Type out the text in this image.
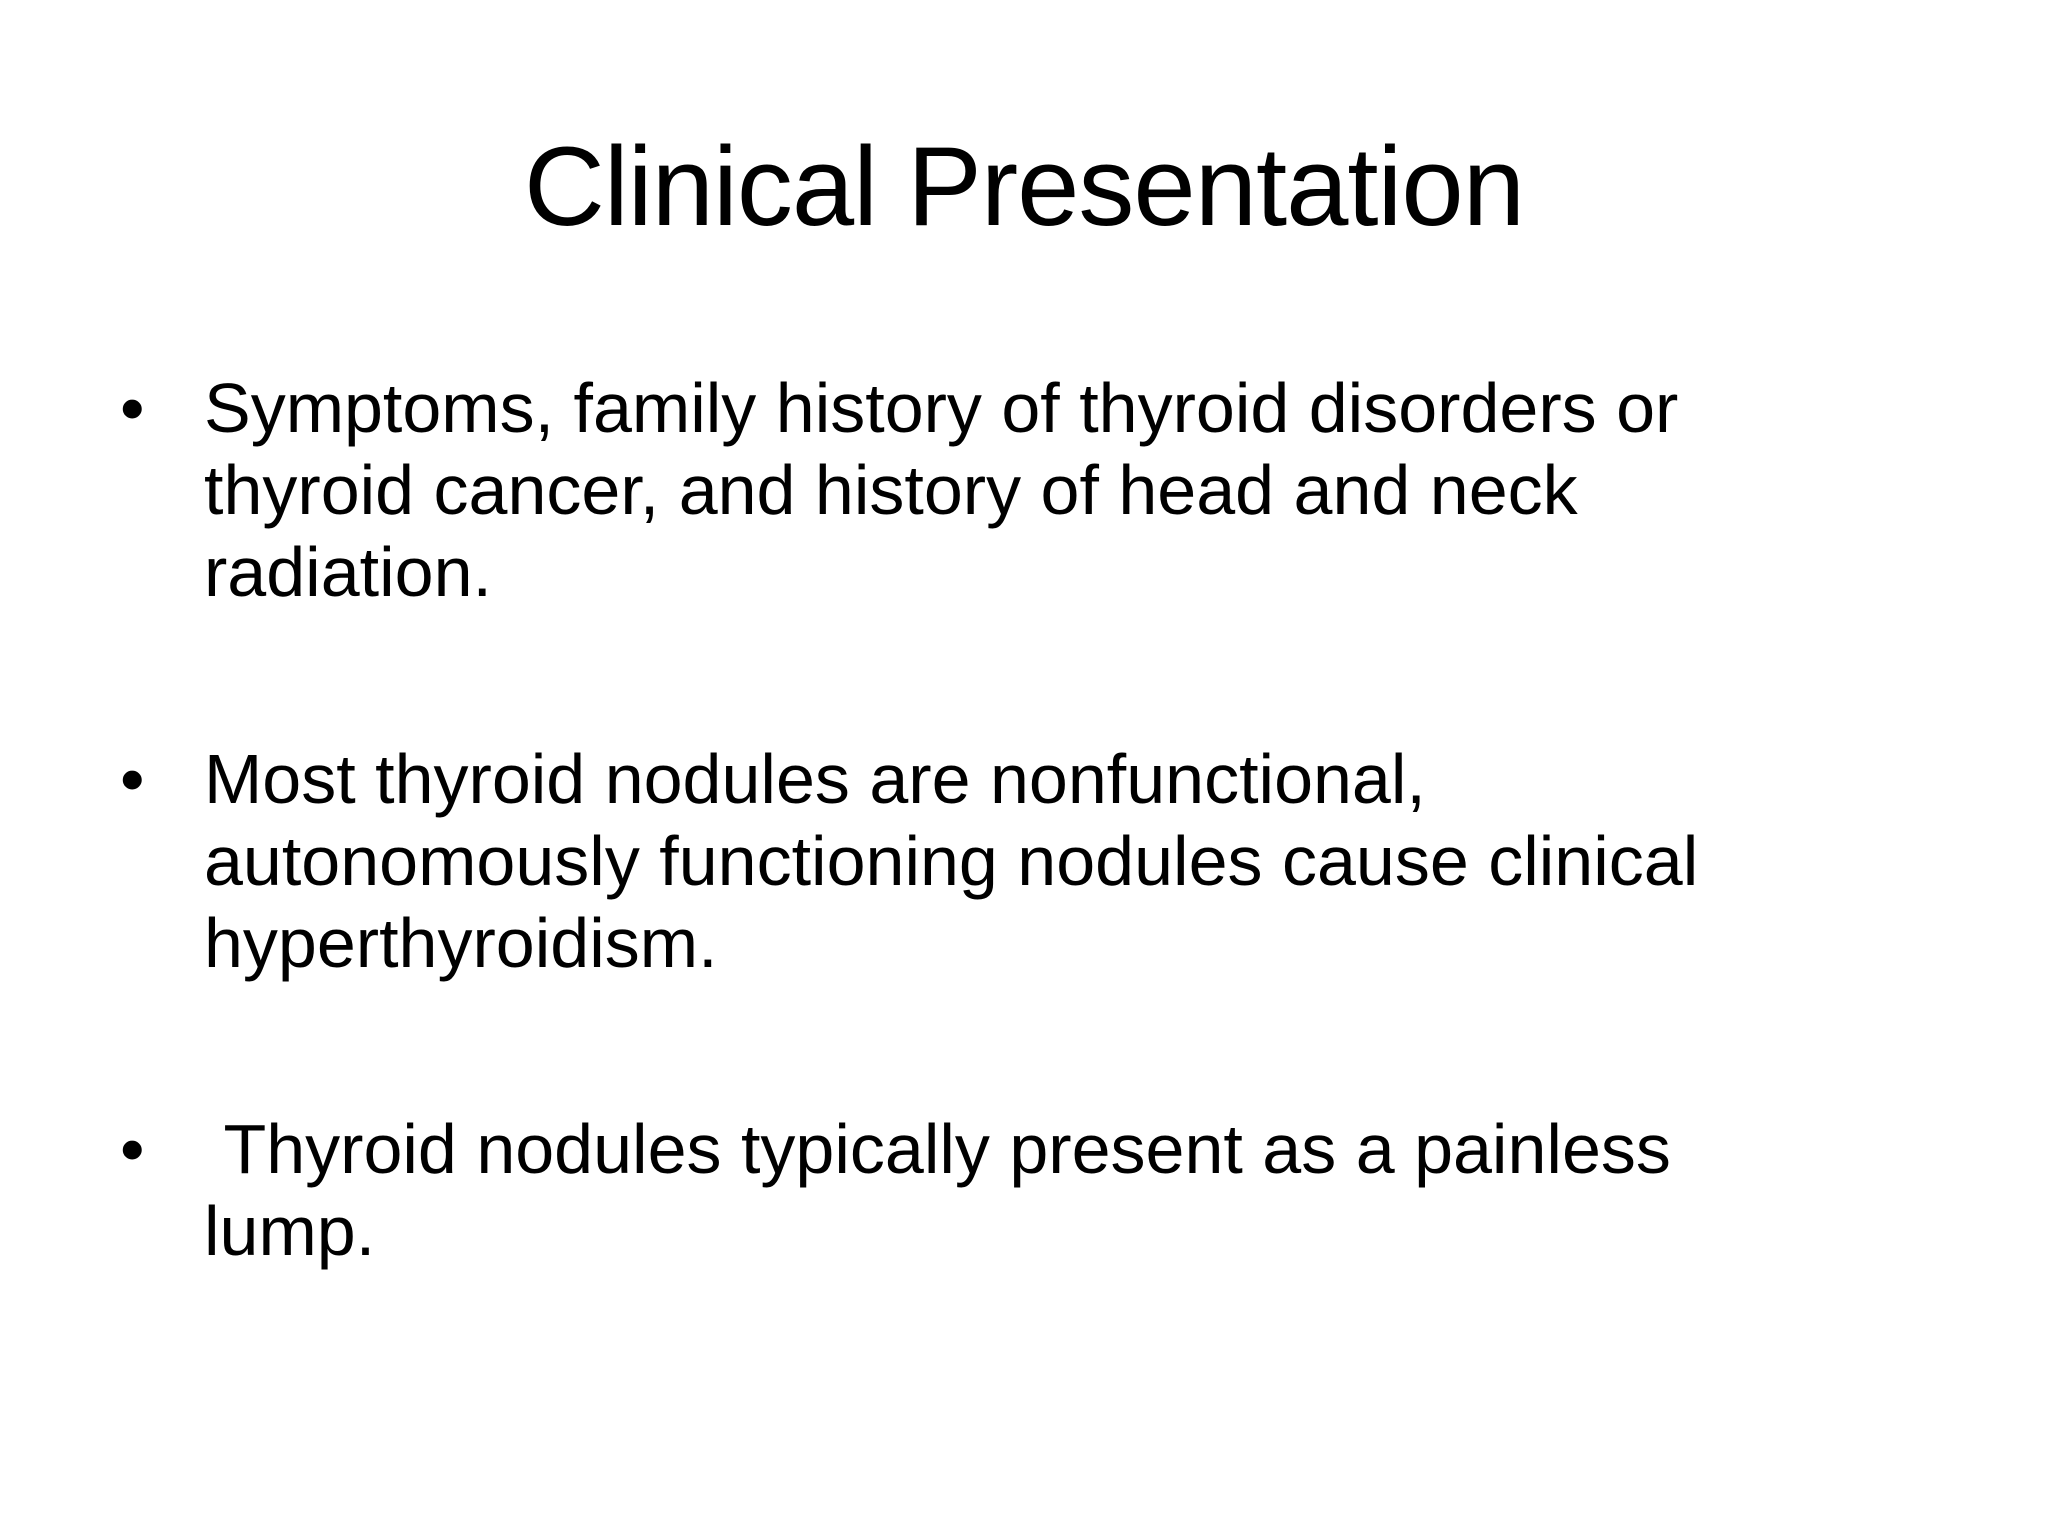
Clinical Presentation
• Symptoms, family history of thyroid disorders or
thyroid cancer, and history of head and neck
radiation.
• Most thyroid nodules are nonfunctional,
autonomously functioning nodules cause clinical
hyperthyroidism.
•	Thyroid nodules typically present as a painless
lump.
